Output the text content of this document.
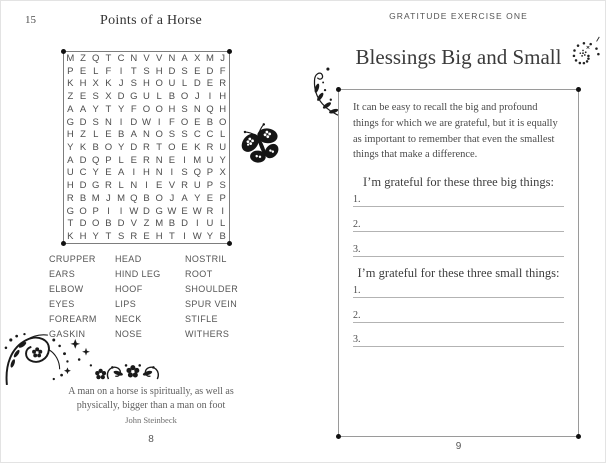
15	Points of a Horse
M Z Q T C N V V N A X M J
P E L F I T S H D S E D F
K H X K J S H O U L D E R
Z E S X D G U L B O J I H
A A Y T Y F O O H S N Q H
G D S N I D W I F O E B O
H Z L E B A N O S S C C L
Y K B O Y D R T O E K R U
A D Q P L E R N E I M U Y
U C Y E A I H N I S Q P X
H D G R L N I E V R U P S
R B M J M Q B O J A Y E P
G O P I	I W D G W E W R I
T D O B D V Z M B D I U L
K H Y T S R E H T I W Y B
CRUPPER
EARS
ELBOW
EYES
FOREARM
GASKIN
HEAD
HIND LEG
HOOF
LIPS
NECK
NOSE
NOSTRIL
ROOT
SHOULDER
SPUR VEIN
STIFLE
WITHERS
A man on a horse is spiritually, as well as physically, bigger than a man on foot
John Steinbeck
8
GRATITUDE EXERCISE ONE
Blessings Big and Small
It can be easy to recall the big and profound things for which we are grateful, but it is equally as important to remember that even the smallest things that make a difference.
I’m grateful for these three big things:
1.
2.
3.
I’m grateful for these three small things:
1.
2.
3.
9
